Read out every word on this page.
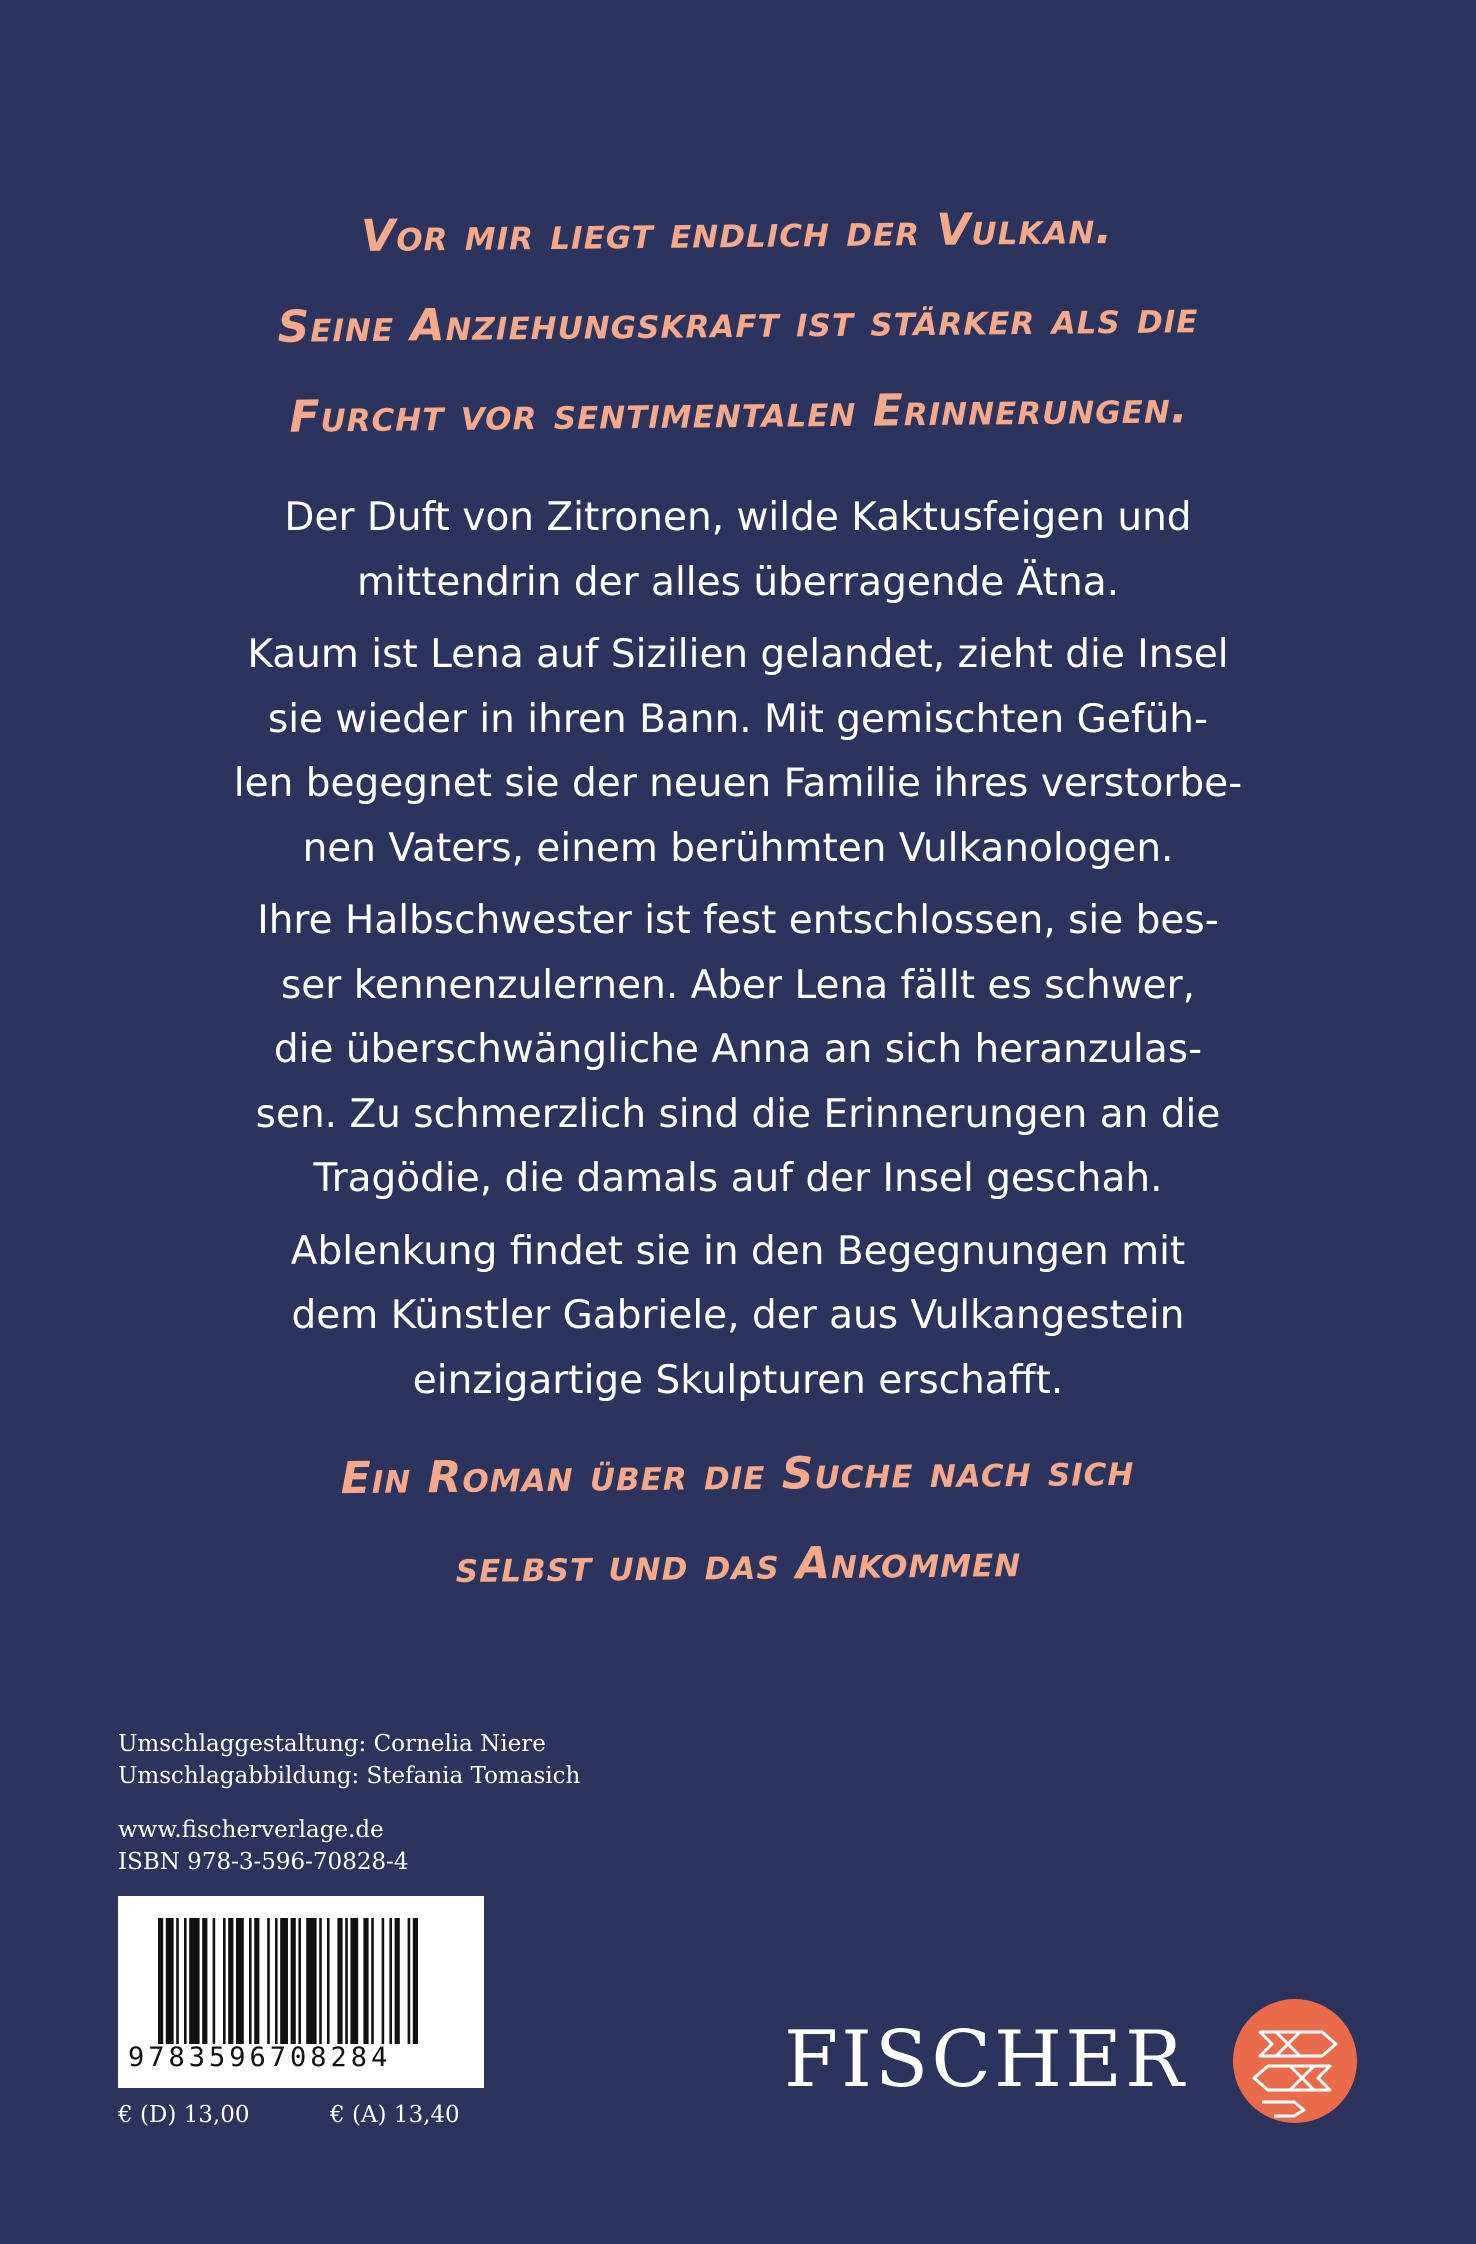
Vor mir liegt endlich der Vulkan.
Seine Anziehungskraft ist stärker als die
Furcht vor sentimentalen Erinnerungen.

Der Duft von Zitronen, wilde Kaktusfeigen und
mittendrin der alles überragende Ätna.

Kaum ist Lena auf Sizilien gelandet, zieht die Insel
sie wieder in ihren Bann. Mit gemischten Gefüh-
len begegnet sie der neuen Familie ihres verstorbe-
nen Vaters, einem berühmten Vulkanologen.

Ihre Halbschwester ist fest entschlossen, sie bes-
ser kennenzulernen. Aber Lena fällt es schwer,
die überschwängliche Anna an sich heranzulas-
sen. Zu schmerzlich sind die Erinnerungen an die
Tragödie, die damals auf der Insel geschah.

Ablenkung findet sie in den Begegnungen mit
dem Künstler Gabriele, der aus Vulkangestein
einzigartige Skulpturen erschafft.

Ein Roman über die Suche nach sich
selbst und das Ankommen
Umschlaggestaltung: Cornelia Niere
Umschlagabbildung: Stefania Tomasich
www.fischerverlage.de
ISBN 978-3-596-70828-4
9783596708284
€ (D) 13,00	€ (A) 13,40
FISCHER
